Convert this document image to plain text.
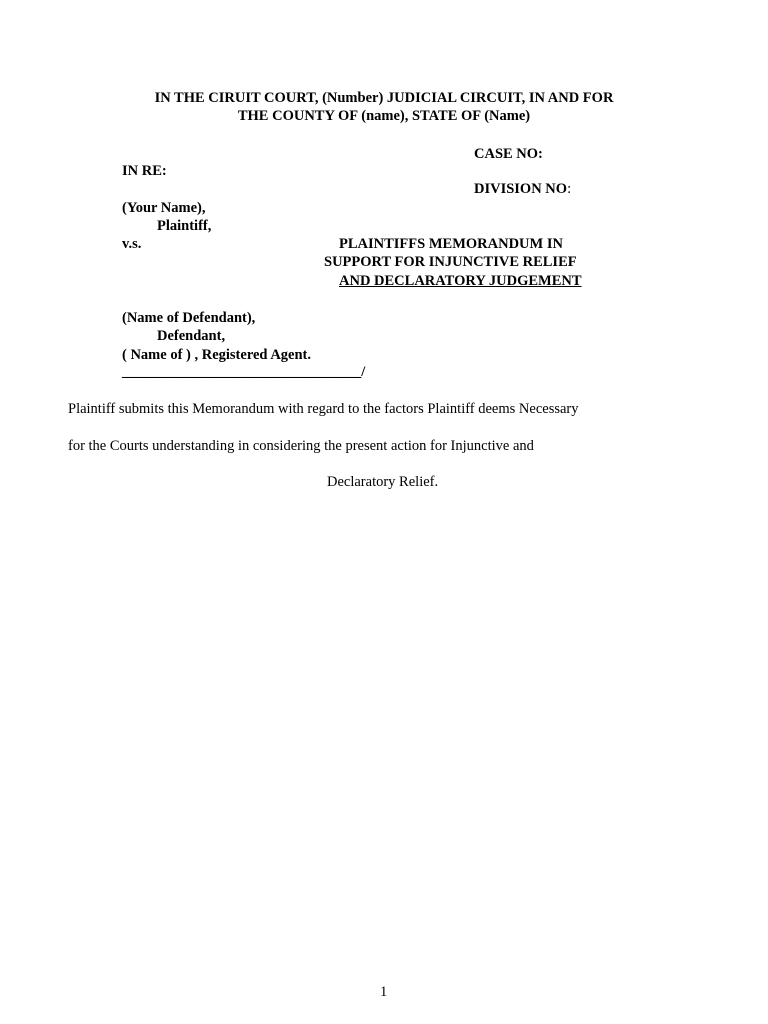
IN THE CIRUIT COURT, (Number) JUDICIAL CIRCUIT, IN AND FOR
THE COUNTY OF (name), STATE OF (Name)
CASE NO:
DIVISION NO:
IN RE:
(Your Name),
Plaintiff,
v.s.	PLAINTIFFS MEMORANDUM IN
SUPPORT FOR INJUNCTIVE RELIEF
AND DECLARATORY JUDGEMENT
(Name of Defendant),
Defendant,
( Name of ) , Registered Agent.
_________________________________/
Plaintiff submits this Memorandum with regard to the factors Plaintiff deems Necessary
for the Courts understanding in considering the present action for Injunctive and
Declaratory Relief.
1
